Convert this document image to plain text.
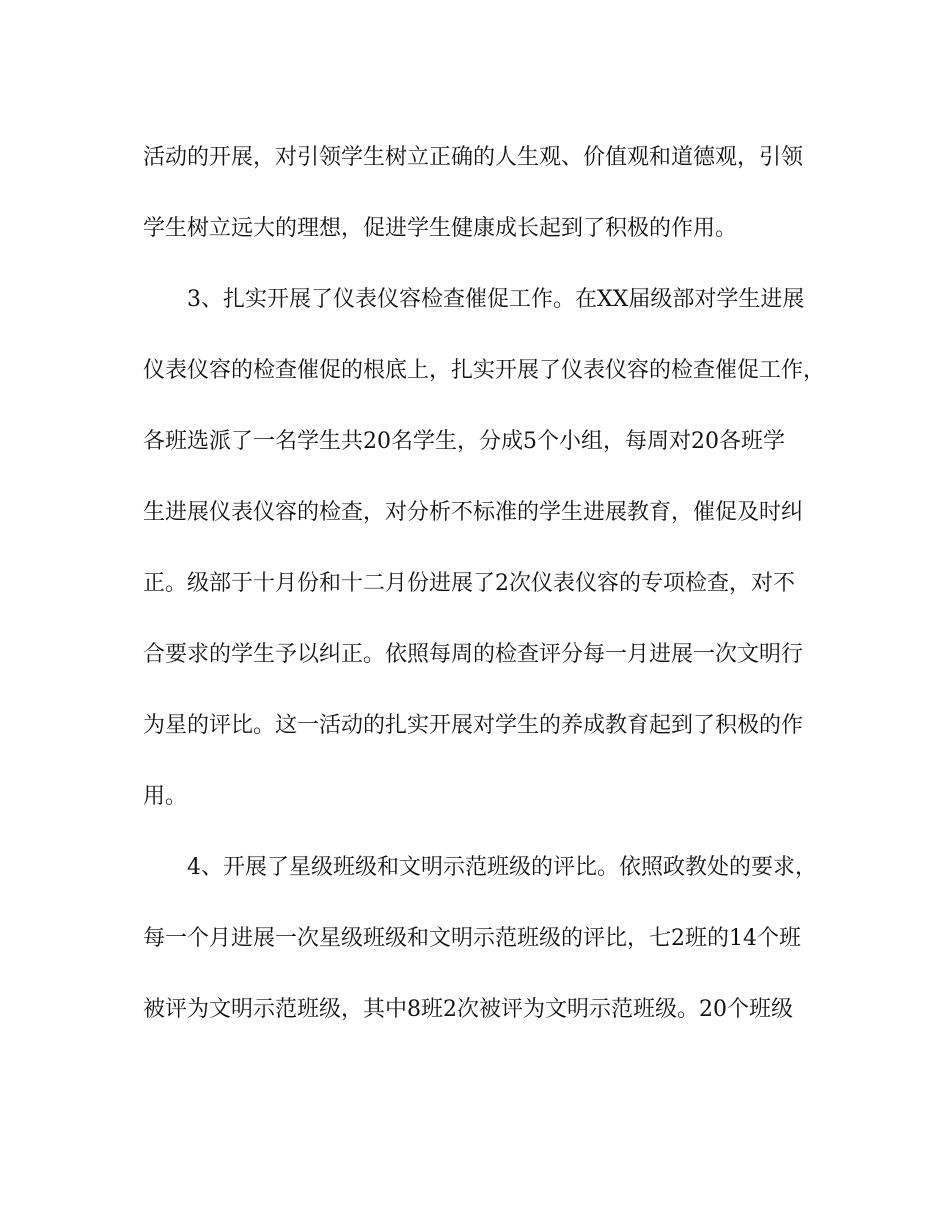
活动的开展，对引领学生树立正确的人生观、价值观和道德观，引领
学生树立远大的理想，促进学生健康成长起到了积极的作用。
3、扎实开展了仪表仪容检查催促工作。在XX届级部对学生进展
仪表仪容的检查催促的根底上，扎实开展了仪表仪容的检查催促工作，
各班选派了一名学生共20名学生，分成5个小组，每周对20各班学
生进展仪表仪容的检查，对分析不标准的学生进展教育，催促及时纠
正。级部于十月份和十二月份进展了2次仪表仪容的专项检查，对不
合要求的学生予以纠正。依照每周的检查评分每一月进展一次文明行
为星的评比。这一活动的扎实开展对学生的养成教育起到了积极的作
用。
4、开展了星级班级和文明示范班级的评比。依照政教处的要求，
每一个月进展一次星级班级和文明示范班级的评比，七2班的14个班
被评为文明示范班级，其中8班2次被评为文明示范班级。20个班级
